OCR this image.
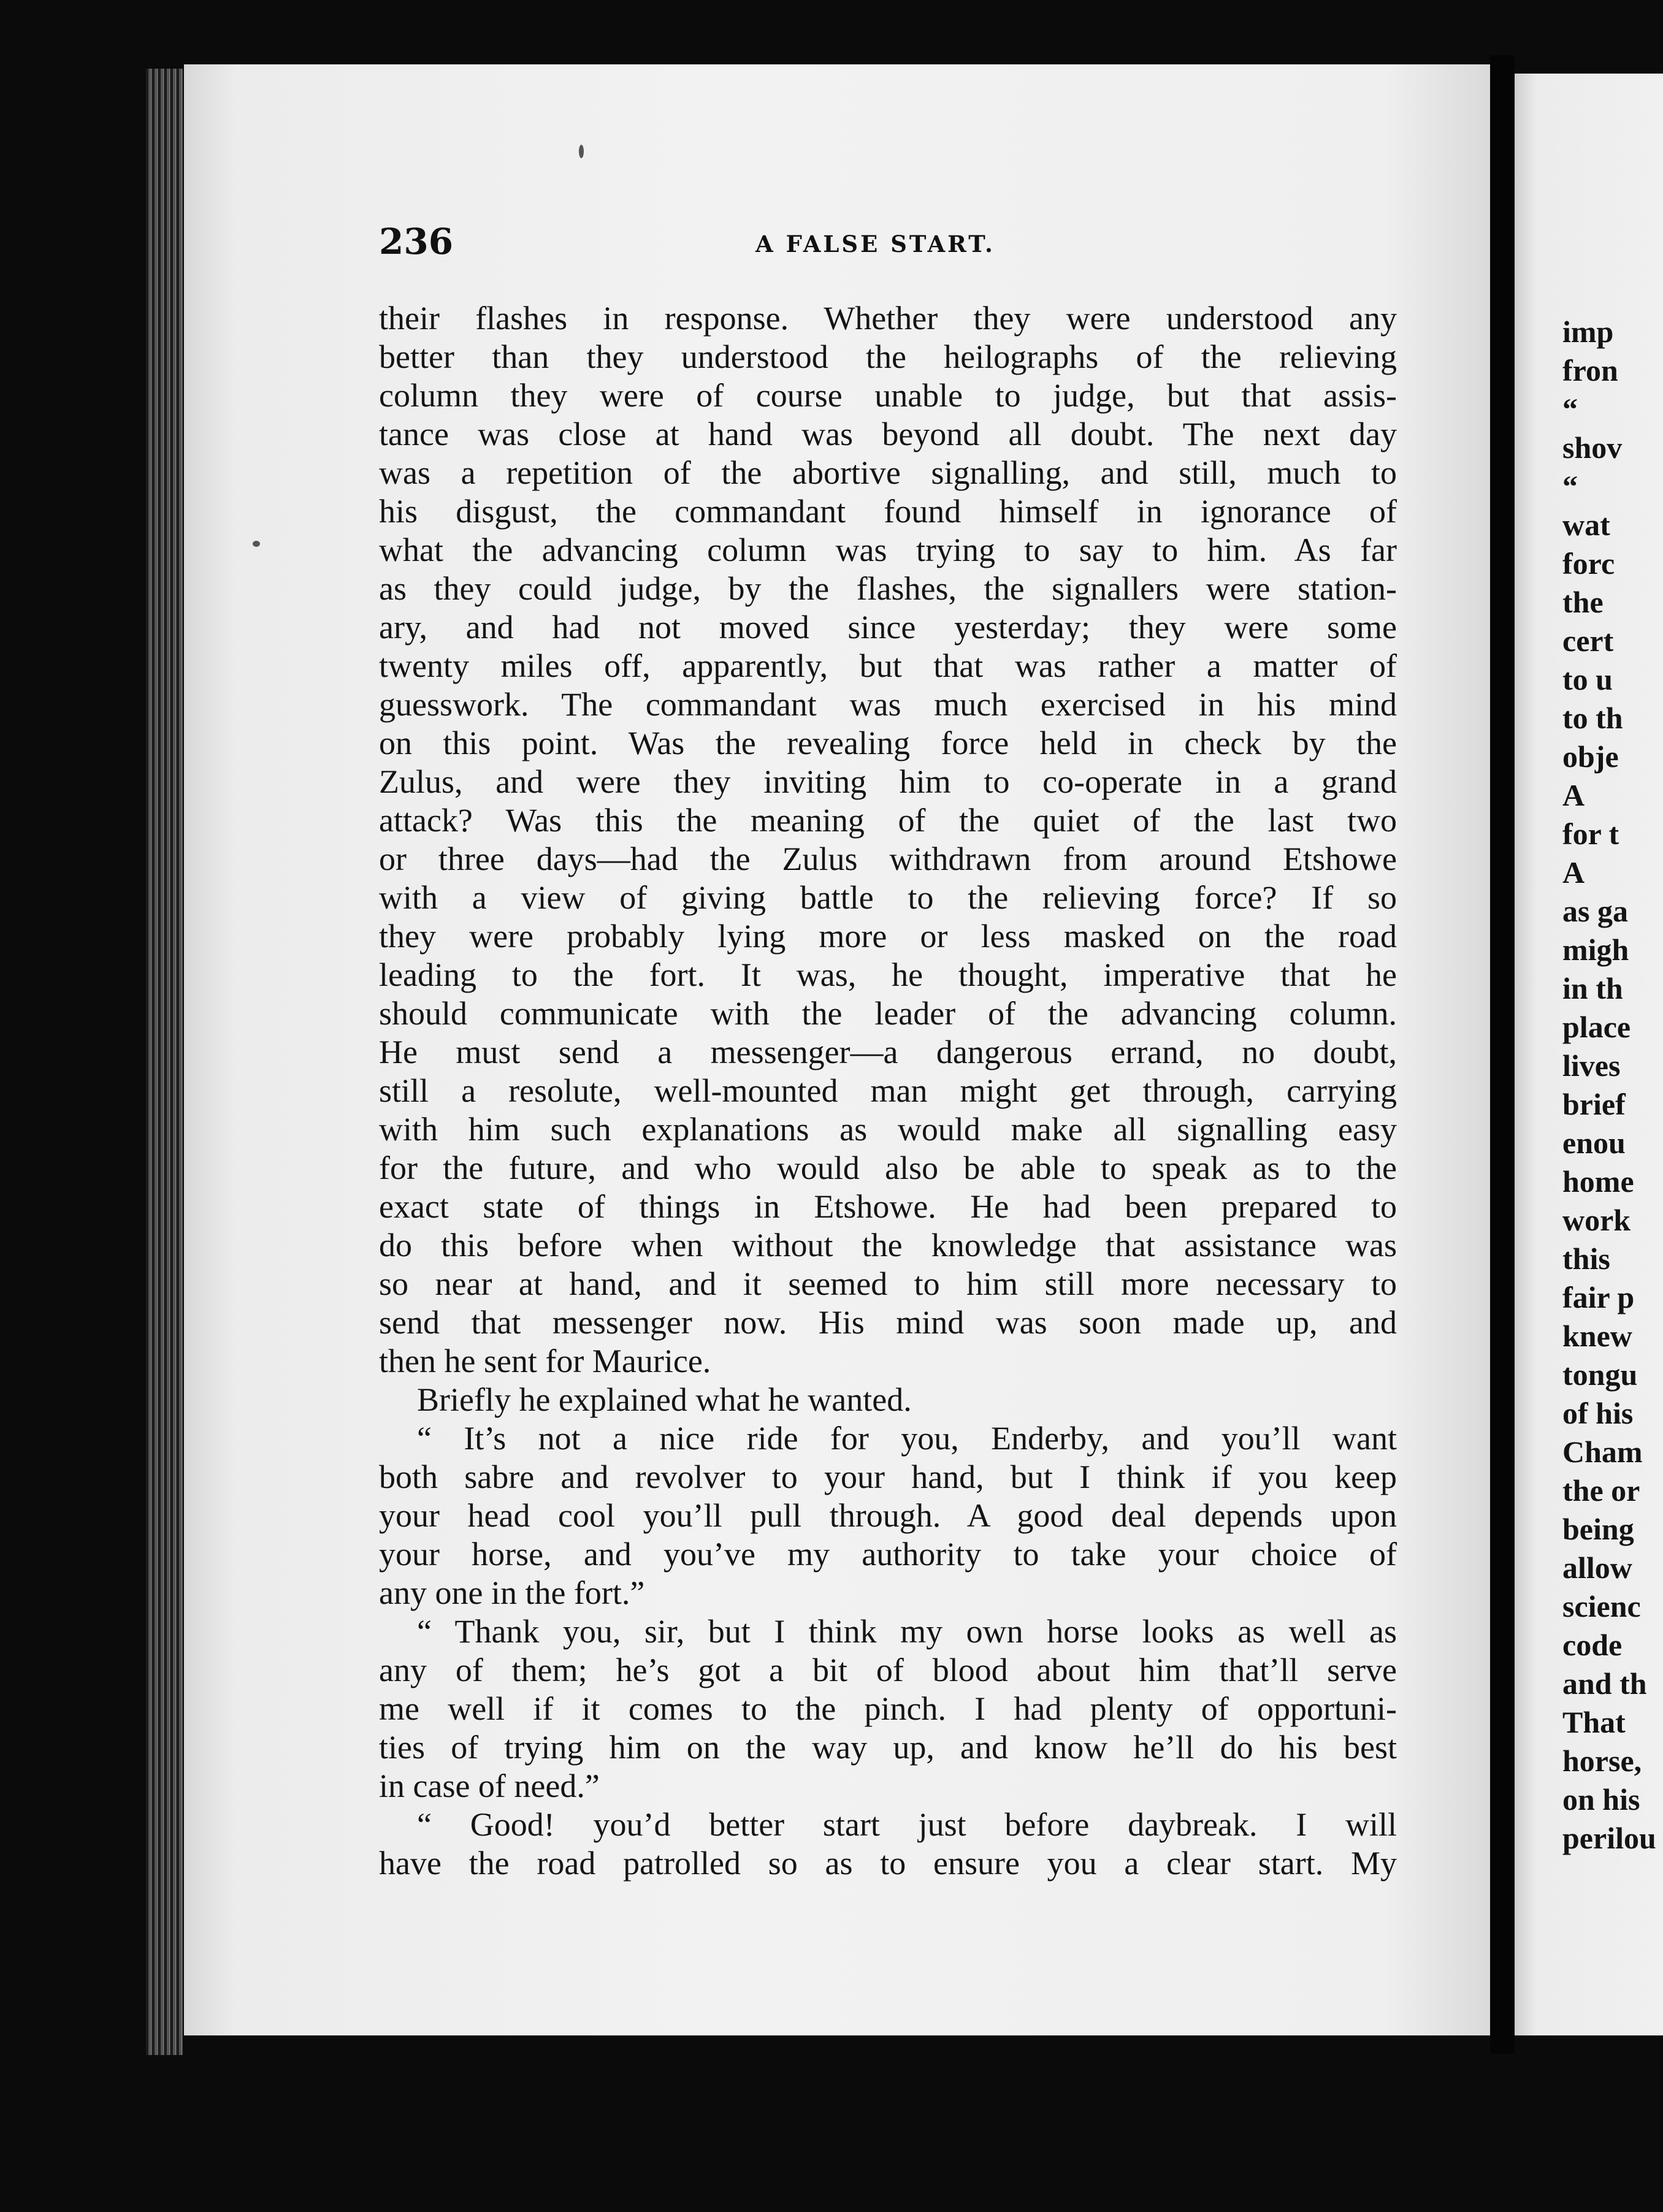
236	A FALSE START.
their flashes in response. Whether they were understood any
better than they understood the heilographs of the relieving
column they were of course unable to judge, but that assis-
tance was close at hand was beyond all doubt. The next day
was a repetition of the abortive signalling, and still, much to
his disgust, the commandant found himself in ignorance of
what the advancing column was trying to say to him. As far
as they could judge, by the flashes, the signallers were station-
ary, and had not moved since yesterday; they were some
twenty miles off, apparently, but that was rather a matter of
guesswork. The commandant was much exercised in his mind
on this point. Was the revealing force held in check by the
Zulus, and were they inviting him to co-operate in a grand
attack? Was this the meaning of the quiet of the last two
or three days—had the Zulus withdrawn from around Etshowe
with a view of giving battle to the relieving force? If so
they were probably lying more or less masked on the road
leading to the fort. It was, he thought, imperative that he
should communicate with the leader of the advancing column.
He must send a messenger—a dangerous errand, no doubt,
still a resolute, well-mounted man might get through, carrying
with him such explanations as would make all signalling easy
for the future, and who would also be able to speak as to the
exact state of things in Etshowe. He had been prepared to
do this before when without the knowledge that assistance was
so near at hand, and it seemed to him still more necessary to
send that messenger now. His mind was soon made up, and
then he sent for Maurice.
Briefly he explained what he wanted.
“ It’s not a nice ride for you, Enderby, and you’ll want
both sabre and revolver to your hand, but I think if you keep
your head cool you’ll pull through. A good deal depends upon
your horse, and you’ve my authority to take your choice of
any one in the fort.”
“ Thank you, sir, but I think my own horse looks as well as
any of them; he’s got a bit of blood about him that’ll serve
me well if it comes to the pinch. I had plenty of opportuni-
ties of trying him on the way up, and know he’ll do his best
in case of need.”
“ Good! you’d better start just before daybreak. I will
have the road patrolled so as to ensure you a clear start. My
imp
fron
“
shov
“
wat
forc
the
cert
to u
to th
obje
A
for t
A
as ga
migh
in th
place
lives
brief
enou
home
work
this
fair p
knew
tongu
of his
Cham
the or
being
allow
scienc
code
and th
That
horse,
on his
perilou
